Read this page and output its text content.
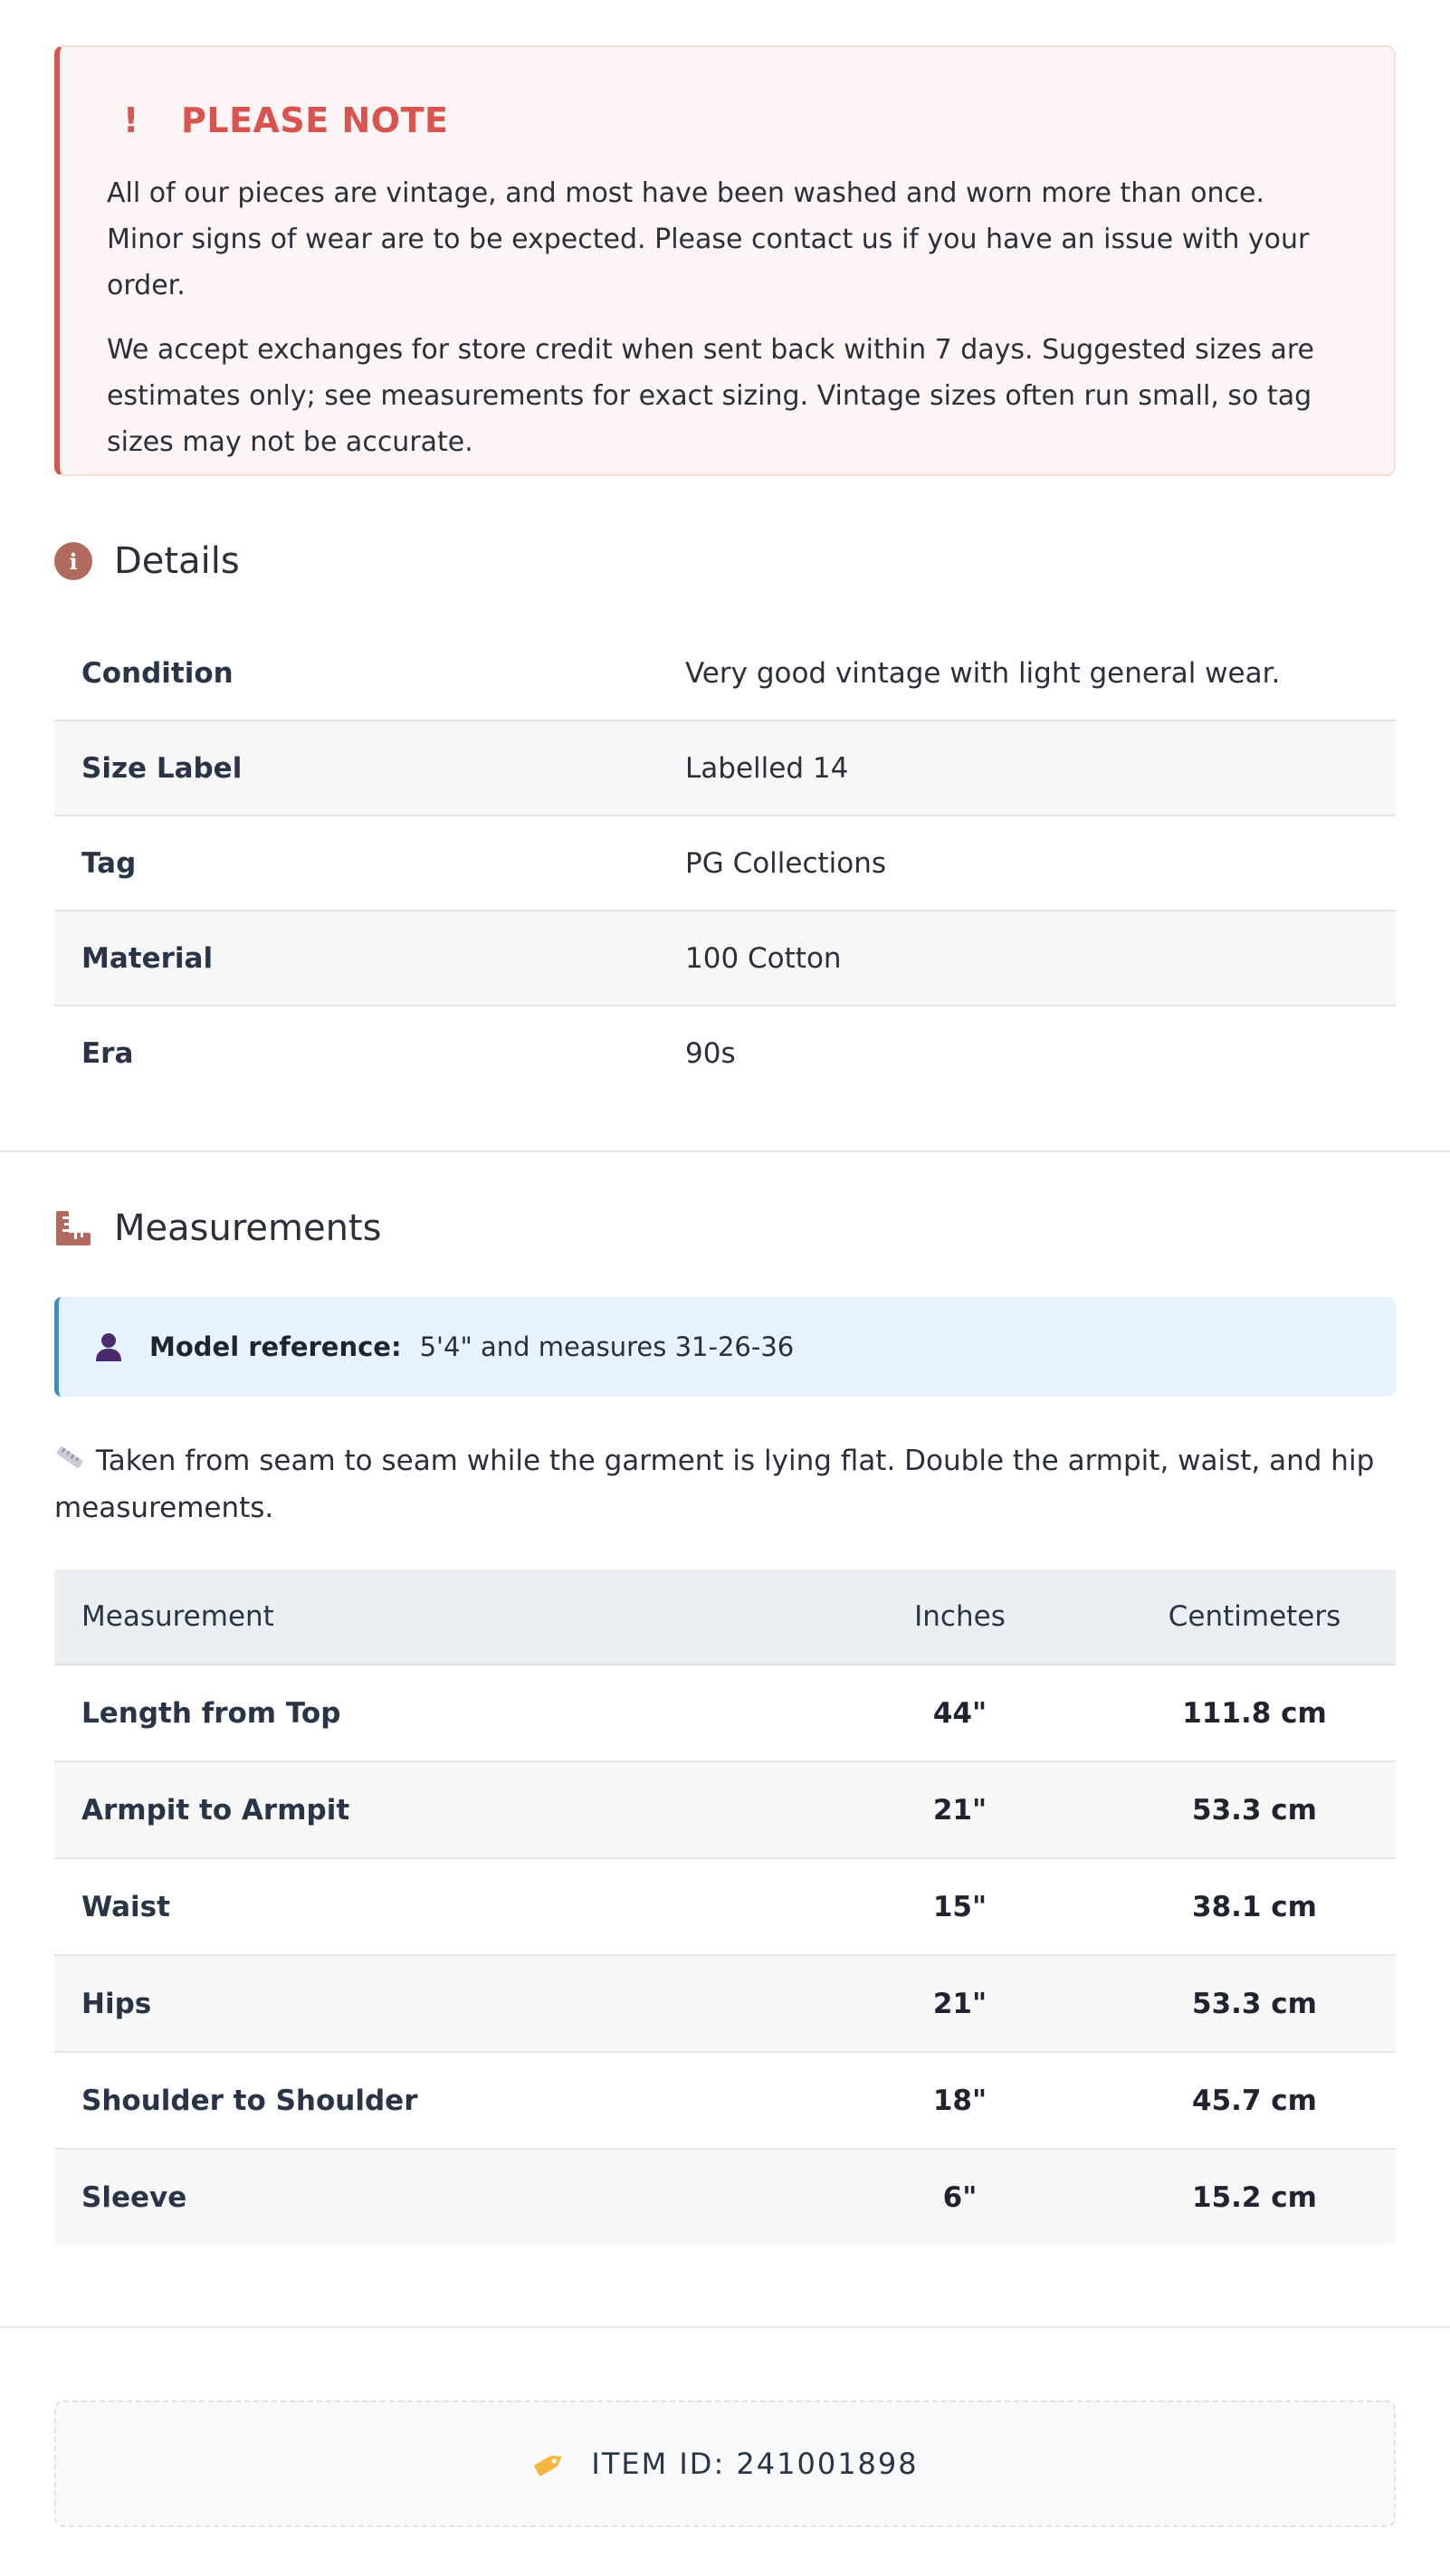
!	PLEASE NOTE

All of our pieces are vintage, and most have been washed and worn more than once. Minor signs of wear are to be expected. Please contact us if you have an issue with your order.

We accept exchanges for store credit when sent back within 7 days. Suggested sizes are estimates only; see measurements for exact sizing. Vintage sizes often run small, so tag sizes may not be accurate.

i	Details
Condition	Very good vintage with light general wear.
Size Label	Labelled 14
Tag	PG Collections
Material	100 Cotton
Era	90s
Measurements
Model reference: 5'4" and measures 31-26-36
Taken from seam to seam while the garment is lying flat. Double the armpit, waist, and hip measurements.
Measurement	Inches	Centimeters
Length from Top	44"	111.8 cm
Armpit to Armpit	21"	53.3 cm
Waist	15"	38.1 cm
Hips	21"	53.3 cm
Shoulder to Shoulder	18"	45.7 cm
Sleeve	6"	15.2 cm
ITEM ID: 241001898
